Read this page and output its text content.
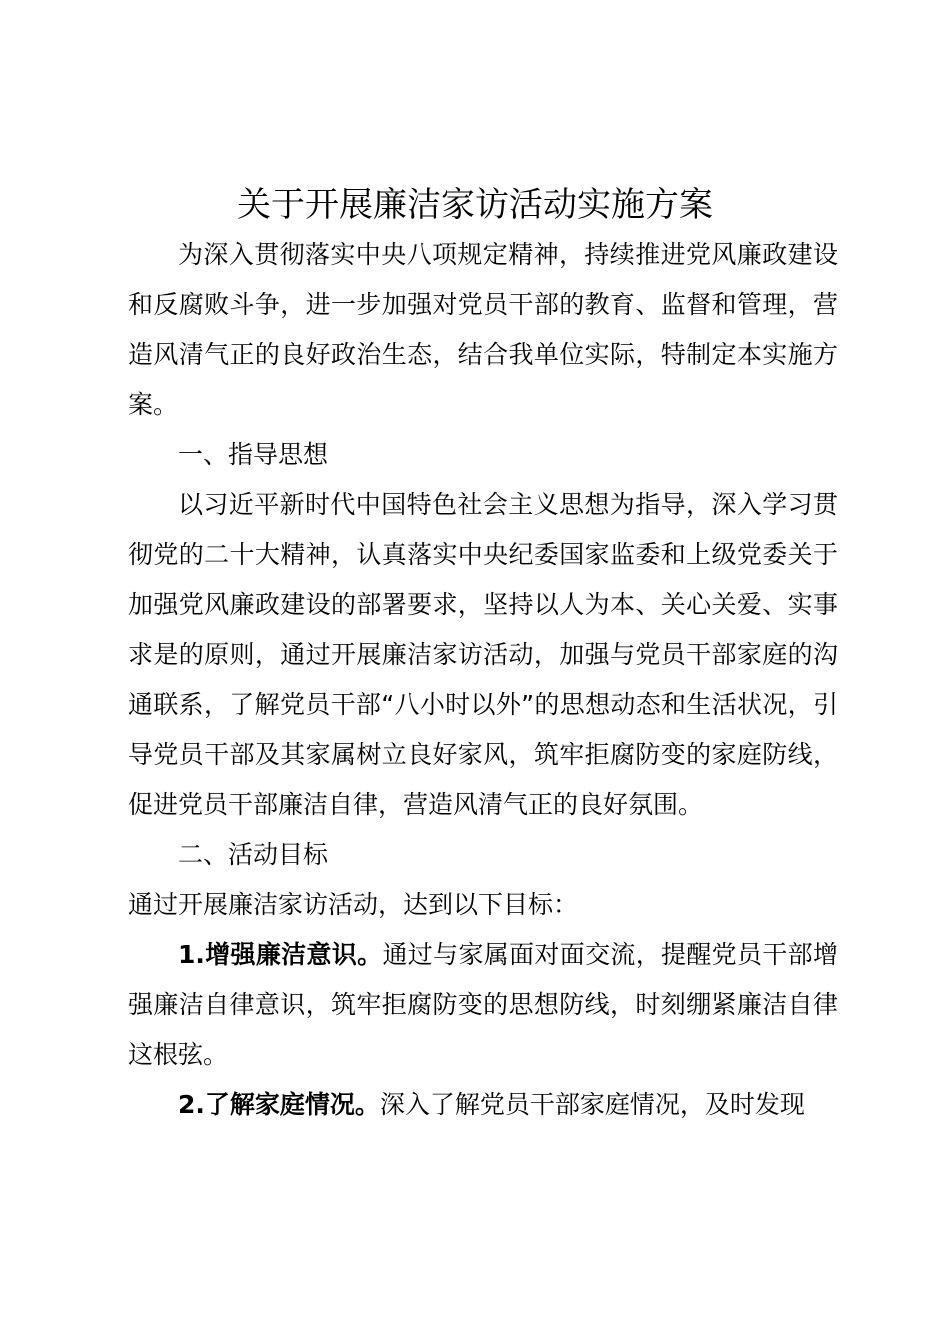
关于开展廉洁家访活动实施方案

为深入贯彻落实中央八项规定精神，持续推进党风廉政建设和反腐败斗争，进一步加强对党员干部的教育、监督和管理，营造风清气正的良好政治生态，结合我单位实际，特制定本实施方案。

一、指导思想

以习近平新时代中国特色社会主义思想为指导，深入学习贯彻党的二十大精神，认真落实中央纪委国家监委和上级党委关于加强党风廉政建设的部署要求，坚持以人为本、关心关爱、实事求是的原则，通过开展廉洁家访活动，加强与党员干部家庭的沟通联系，了解党员干部“八小时以外”的思想动态和生活状况，引导党员干部及其家属树立良好家风，筑牢拒腐防变的家庭防线，促进党员干部廉洁自律，营造风清气正的良好氛围。

二、活动目标

通过开展廉洁家访活动，达到以下目标：

1.增强廉洁意识。通过与家属面对面交流，提醒党员干部增强廉洁自律意识，筑牢拒腐防变的思想防线，时刻绷紧廉洁自律这根弦。

2.了解家庭情况。深入了解党员干部家庭情况，及时发现
